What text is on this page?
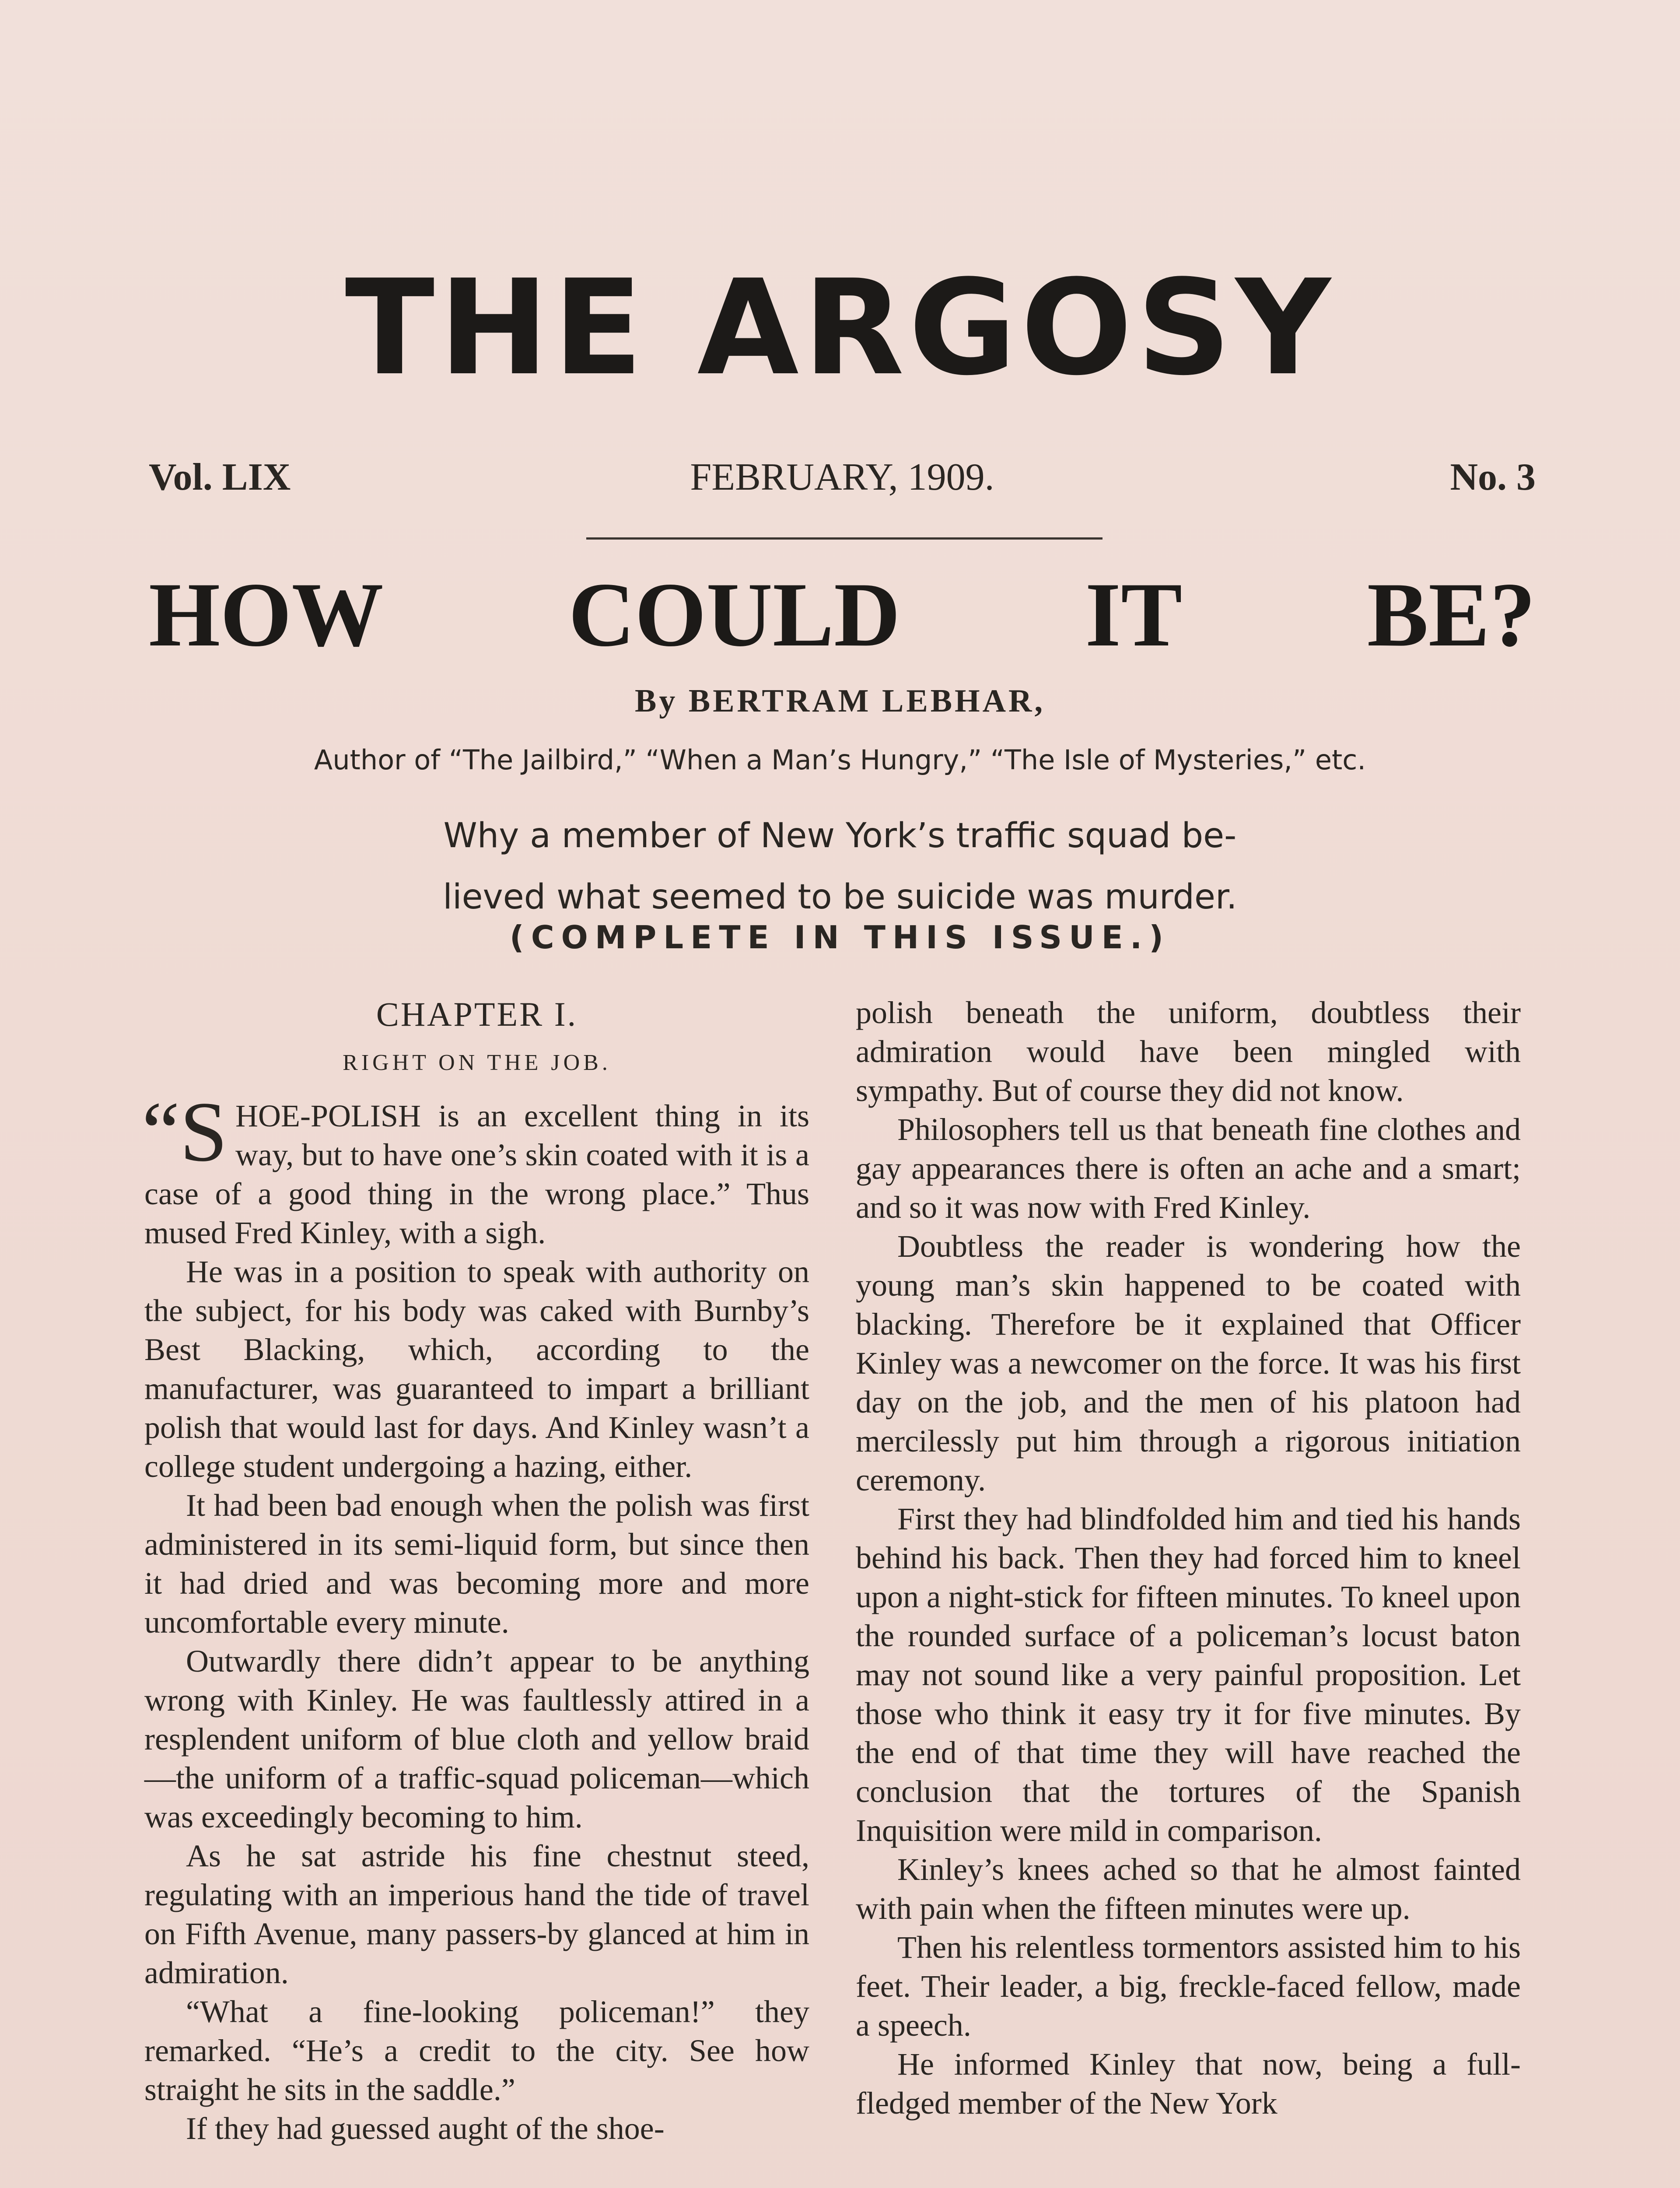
THE ARGOSY
Vol. LIX	FEBRUARY, 1909.	No. 3
HOW COULD IT BE?
By BERTRAM LEBHAR,
Author of “The Jailbird,” “When a Man’s Hungry,” “The Isle of Mysteries,” etc.
Why a member of New York’s traffic squad be-
lieved what seemed to be suicide was murder.
(COMPLETE IN THIS ISSUE.)
CHAPTER I.
RIGHT ON THE JOB.

“S HOE-POLISH is an excellent thing in its way, but to have one’s skin coated with it is a case of a good thing in the wrong place.” Thus mused Fred Kinley, with a sigh.

He was in a position to speak with authority on the subject, for his body was caked with Burnby’s Best Blacking, which, according to the manufacturer, was guaranteed to impart a brilliant polish that would last for days. And Kinley wasn’t a college student undergoing a hazing, either.

It had been bad enough when the polish was first administered in its semi-liquid form, but since then it had dried and was becoming more and more uncomfortable every minute.

Outwardly there didn’t appear to be anything wrong with Kinley. He was faultlessly attired in a resplendent uniform of blue cloth and yellow braid—the uniform of a traffic-squad policeman—which was exceedingly becoming to him.

As he sat astride his fine chestnut steed, regulating with an imperious hand the tide of travel on Fifth Avenue, many passers-by glanced at him in admiration.

“What a fine-looking policeman!” they remarked. “He’s a credit to the city. See how straight he sits in the saddle.”

If they had guessed aught of the shoe-

polish beneath the uniform, doubtless their admiration would have been mingled with sympathy. But of course they did not know.

Philosophers tell us that beneath fine clothes and gay appearances there is often an ache and a smart; and so it was now with Fred Kinley.

Doubtless the reader is wondering how the young man’s skin happened to be coated with blacking. Therefore be it explained that Officer Kinley was a newcomer on the force. It was his first day on the job, and the men of his platoon had mercilessly put him through a rigorous initiation ceremony.

First they had blindfolded him and tied his hands behind his back. Then they had forced him to kneel upon a night-stick for fifteen minutes. To kneel upon the rounded surface of a policeman’s locust baton may not sound like a very painful proposition. Let those who think it easy try it for five minutes. By the end of that time they will have reached the conclusion that the tortures of the Spanish Inquisition were mild in comparison.

Kinley’s knees ached so that he almost fainted with pain when the fifteen minutes were up.

Then his relentless tormentors assisted him to his feet. Their leader, a big, freckle-faced fellow, made a speech.

He informed Kinley that now, being a full-fledged member of the New York
